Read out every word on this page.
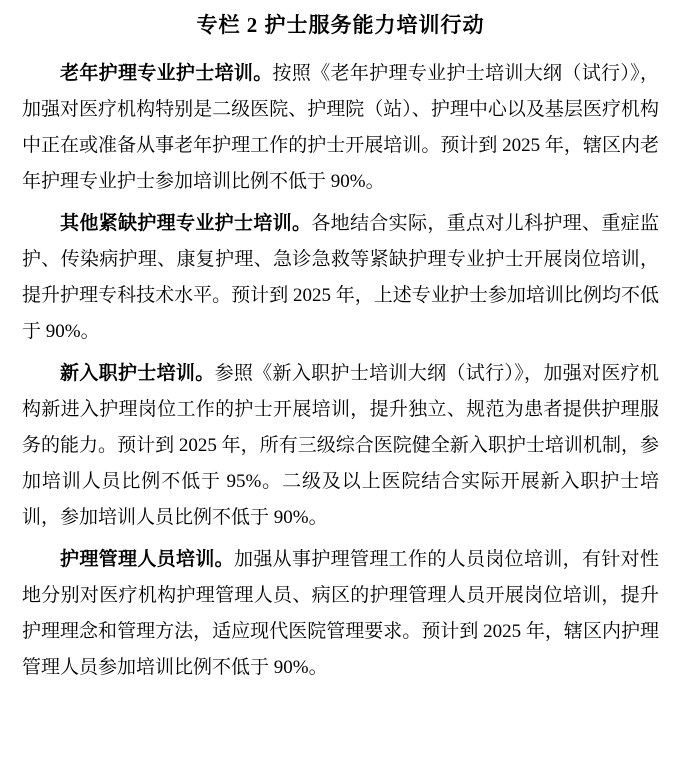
专栏 2 护士服务能力培训行动

老年护理专业护士培训。按照《老年护理专业护士培训大纲（试行）》，加强对医疗机构特别是二级医院、护理院（站）、护理中心以及基层医疗机构中正在或准备从事老年护理工作的护士开展培训。预计到 2025 年，辖区内老年护理专业护士参加培训比例不低于 90%。

其他紧缺护理专业护士培训。各地结合实际，重点对儿科护理、重症监护、传染病护理、康复护理、急诊急救等紧缺护理专业护士开展岗位培训，提升护理专科技术水平。预计到 2025 年，上述专业护士参加培训比例均不低于 90%。

新入职护士培训。参照《新入职护士培训大纲（试行）》，加强对医疗机构新进入护理岗位工作的护士开展培训，提升独立、规范为患者提供护理服务的能力。预计到 2025 年，所有三级综合医院健全新入职护士培训机制，参加培训人员比例不低于 95%。二级及以上医院结合实际开展新入职护士培训，参加培训人员比例不低于 90%。

护理管理人员培训。加强从事护理管理工作的人员岗位培训，有针对性地分别对医疗机构护理管理人员、病区的护理管理人员开展岗位培训，提升护理理念和管理方法，适应现代医院管理要求。预计到 2025 年，辖区内护理管理人员参加培训比例不低于 90%。
